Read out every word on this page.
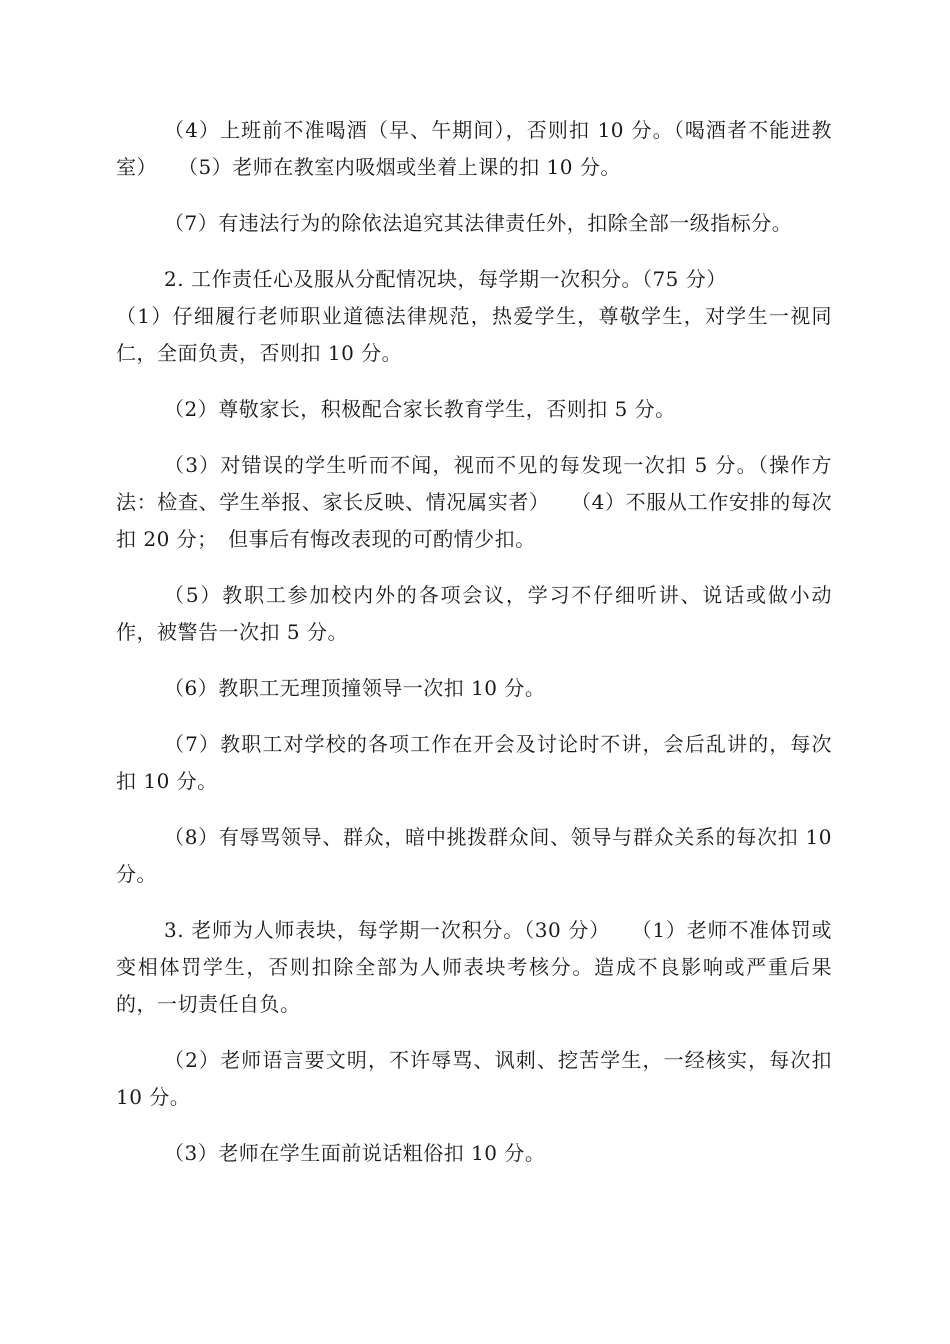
（4）上班前不准喝酒（早、午期间），否则扣 10 分。（喝酒者不能进教室）　　（5）老师在教室内吸烟或坐着上课的扣 10 分。

（7）有违法行为的除依法追究其法律责任外，扣除全部一级指标分。

2. 工作责任心及服从分配情况块，每学期一次积分。（75 分）

（1）仔细履行老师职业道德法律规范，热爱学生，尊敬学生，对学生一视同仁，全面负责，否则扣 10 分。

（2）尊敬家长，积极配合家长教育学生，否则扣 5 分。

（3）对错误的学生听而不闻，视而不见的每发现一次扣 5 分。（操作方法：检查、学生举报、家长反映、情况属实者）　　（4）不服从工作安排的每次扣 20 分；　但事后有悔改表现的可酌情少扣。

（5）教职工参加校内外的各项会议，学习不仔细听讲、说话或做小动作，被警告一次扣 5 分。

（6）教职工无理顶撞领导一次扣 10 分。

（7）教职工对学校的各项工作在开会及讨论时不讲，会后乱讲的，每次扣 10 分。

（8）有辱骂领导、群众，暗中挑拨群众间、领导与群众关系的每次扣 10 分。

3. 老师为人师表块，每学期一次积分。（30 分）　　（1）老师不准体罚或变相体罚学生，否则扣除全部为人师表块考核分。造成不良影响或严重后果的，一切责任自负。

（2）老师语言要文明，不许辱骂、讽刺、挖苦学生，一经核实，每次扣 10 分。

（3）老师在学生面前说话粗俗扣 10 分。
